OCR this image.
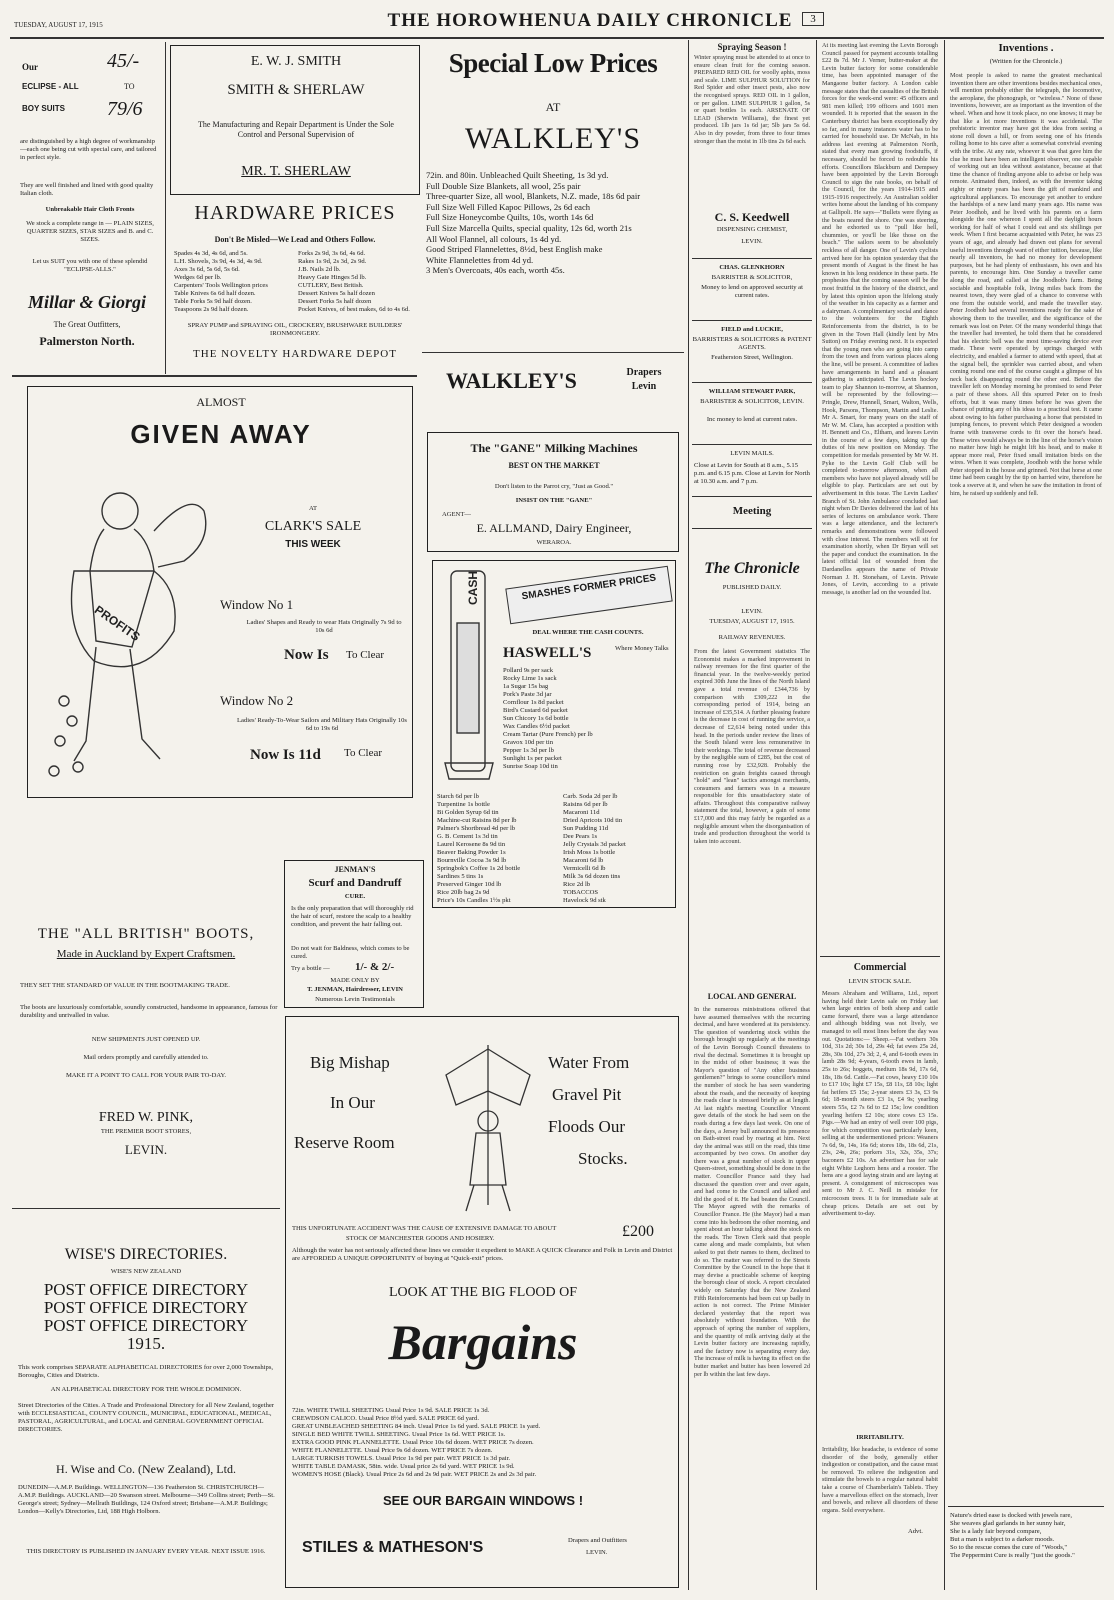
TUESDAY, AUGUST 17, 1915	THE HOROWHENUA DAILY CHRONICLE	3
Our	45/-
ECLIPSE - ALL	TO
BOY SUITS 79/6
are distinguished by a high degree of workmanship—each one being cut with special care, and tailored in perfect style.
They are well finished and lined with good quality Italian cloth.
Unbreakable Hair Cloth Fronts
We stock a complete range in — PLAIN SIZES, QUARTER SIZES, STAR SIZES and B. and C. SIZES.
Let us SUIT you with one of these splendid "ECLIPSE-ALLS."
Millar & Giorgi
The Great Outfitters,
Palmerston North.
E. W. J. SMITH
SMITH & SHERLAW
The Manufacturing and Repair Department is Under the Sole Control and Personal Supervision of
MR. T. SHERLAW
HARDWARE PRICES
Don't Be Misled—We Lead and Others Follow.
Spades 4s 3d, 4s 6d, and 5s.
L.H. Shovels, 3s 9d, 4s 3d, 4s 9d.
Axes 3s 6d, 5s 6d, 5s 6d.
Wedges 6d per lb.
Carpenters' Tools Wellington prices
Table Knives 6s 6d half dozen.
Table Forks 5s 9d half dozen.
Teaspoons 2s 9d half dozen.
Forks 2s 9d, 3s 6d, 4s 6d.
Rakes 1s 9d, 2s 3d, 2s 9d.
J.B. Nails 2d lb.
Heavy Gate Hinges 5d lb.
CUTLERY, Best British.
Dessert Knives 5s half dozen
Dessert Forks 5s half dozen
Pocket Knives, of best makes, 6d to 4s 6d.
SPRAY PUMP and SPRAYING OIL, CROCKERY, BRUSHWARE BUILDERS' IRONMONGERY.
THE NOVELTY HARDWARE DEPOT
Special Low Prices
AT
WALKLEY'S
72in. and 80in. Unbleached Quilt Sheeting, 1s 3d yd.
Full Double Size Blankets, all wool, 25s pair
Three-quarter Size, all wool, Blankets, N.Z. made, 18s 6d pair
Full Size Well Filled Kapoc Pillows, 2s 6d each
Full Size Honeycombe Quilts, 10s, worth 14s 6d
Full Size Marcella Quilts, special quality, 12s 6d, worth 21s
All Wool Flannel, all colours, 1s 4d yd.
Good Striped Flannelettes, 8½d, best English make
White Flannelettes from 4d yd.
3 Men's Overcoats, 40s each, worth 45s.
WALKLEY'S	Drapers
Levin
The "GANE" Milking Machines
BEST ON THE MARKET
Don't listen to the Parrot cry, "Just as Good."
INSIST ON THE "GANE"
AGENT—
E. ALLMAND, Dairy Engineer,
WERAROA.
ALMOST
GIVEN AWAY
PROFITS
AT
CLARK'S SALE
THIS WEEK
Window No 1
Ladies' Shapes and Ready to wear Hats Originally 7s 9d to 10s 6d
Now Is To Clear
Window No 2
Ladies' Ready-To-Wear Sailors and Military Hats Originally 10s 6d to 19s 6d
Now Is 11d To Clear
CASH	SMASHES FORMER PRICES
DEAL WHERE THE CASH COUNTS.
HASWELL'S	Where Money Talks
Pollard 9s per sack
Rocky Lime 1s sack
1a Sugar 15s bag
Pork's Paste 3d jar
Cornflour 1s 8d packet
Bird's Custard 6d packet
Sun Chicory 1s 6d bottle
Wax Candles 6½d packet
Cream Tartar (Pure French) per lb
Gravox 10d per tin
Pepper 1s 3d per lb
Sunlight 1s per packet
Sunrise Soap 10d tin
Starch 6d per lb
Turpentine 1s bottle
Bi Golden Syrup 6d tin
Machine-cut Raisins 8d per lb
Palmer's Shortbread 4d per lb
G. B. Cement 1s 3d tin
Laurel Kerosene 8s 9d tin
Beaver Baking Powder 1s
Bournville Cocoa 3s 9d lb
Springbok's Coffee 1s 2d bottle
Sardines 5 tins 1s
Preserved Ginger 10d lb
Rice 20lb bag 2s 9d
Price's 10s Candles 1½s pkt
Carb. Soda 2d per lb
Raisins 6d per lb
Macaroni 11d
Dried Apricots 10d tin
Sun Pudding 11d
Dee Pears 1s
Jelly Crystals 3d packet
Irish Moss 1s bottle
Macaroni 6d lb
Vermicelli 6d lb
Milk 3s 6d dozen tins
Rice 2d lb
TOBACCOS
Havelock 9d stk
JENMAN'S
Scurf and Dandruff
CURE.
Is the only preparation that will thoroughly rid the hair of scurf, restore the scalp to a healthy condition, and prevent the hair falling out.
Do not wait for Baldness, which comes to be cured.
Try a bottle — 1/- & 2/-
MADE ONLY BY
T. JENMAN, Hairdresser, LEVIN
Numerous Levin Testimonials
THE "ALL BRITISH" BOOTS,
Made in Auckland by Expert Craftsmen.
THEY SET THE STANDARD OF VALUE IN THE BOOTMAKING TRADE.
The boots are luxuriously comfortable, soundly constructed, handsome in appearance, famous for durability and unrivalled in value.
NEW SHIPMENTS JUST OPENED UP.
Mail orders promptly and carefully attended to.
MAKE IT A POINT TO CALL FOR YOUR PAIR TO-DAY.
FRED W. PINK,
THE PREMIER BOOT STORES,
LEVIN.
WISE'S DIRECTORIES.
WISE'S NEW ZEALAND
POST OFFICE DIRECTORY
POST OFFICE DIRECTORY
POST OFFICE DIRECTORY
1915.
This work comprises SEPARATE ALPHABETICAL DIRECTORIES for over 2,000 Townships, Boroughs, Cities and Districts.
AN ALPHABETICAL DIRECTORY FOR THE WHOLE DOMINION.
Street Directories of the Cities. A Trade and Professional Directory for all New Zealand, together with ECCLESIASTICAL, COUNTY COUNCIL, MUNICIPAL, EDUCATIONAL, MEDICAL, PASTORAL, AGRICULTURAL, and LOCAL and GENERAL GOVERNMENT OFFICIAL DIRECTORIES.
H. Wise and Co. (New Zealand), Ltd.
DUNEDIN—A.M.P. Buildings. WELLINGTON—136 Featherston St. CHRISTCHURCH—A.M.P. Buildings. AUCKLAND—20 Swanson street. Melbourne—349 Collins street; Perth—St. George's street; Sydney—Mellrath Buildings, 124 Oxford street; Brisbane—A.M.P. Buildings; London—Kelly's Directories, Ltd, 188 High Holborn.
THIS DIRECTORY IS PUBLISHED IN JANUARY EVERY YEAR. NEXT ISSUE 1916.
Big Mishap
In Our
Reserve Room
Water From
Gravel Pit
Floods Our
Stocks.
THIS UNFORTUNATE ACCIDENT WAS THE CAUSE OF EXTENSIVE DAMAGE TO ABOUT	£200
STOCK OF MANCHESTER GOODS AND HOSIERY.
Although the water has not seriously affected these lines we consider it expedient to MAKE A QUICK Clearance and Folk in Levin and District are AFFORDED A UNIQUE OPPORTUNITY of buying at "Quick-exit" prices.
LOOK AT THE BIG FLOOD OF
Bargains
72in. WHITE TWILL SHEETING Usual Price 1s 9d. SALE PRICE 1s 3d.
CREWDSON CALICO. Usual Price 8½d yard. SALE PRICE 6d yard.
GREAT UNBLEACHED SHEETING 84 inch. Usual Price 1s 6d yard. SALE PRICE 1s yard.
SINGLE BED WHITE TWILL SHEETING. Usual Price 1s 6d. WET PRICE 1s.
EXTRA GOOD PINK FLANNELETTE. Usual Price 10s 6d dozen. WET PRICE 7s dozen.
WHITE FLANNELETTE. Usual Price 9s 6d dozen. WET PRICE 7s dozen.
LARGE TURKISH TOWELS. Usual Price 1s 9d per pair. WET PRICE 1s 3d pair.
WHITE TABLE DAMASK, 58in. wide. Usual price 2s 6d yard. WET PRICE 1s 9d.
WOMEN'S HOSE (Black). Usual Price 2s 6d and 2s 9d pair. WET PRICE 2s and 2s 3d pair.
SEE OUR BARGAIN WINDOWS !
STILES & MATHESON'S	Drapers and Outfitters
LEVIN.
Spraying Season !
Winter spraying must be attended to at once to ensure clean fruit for the coming season. PREPARED RED OIL for woolly aphis, moss and scale. LIME SULPHUR SOLUTION for Red Spider and other insect pests, also now the recognised sprays. RED OIL in 1 gallon, or per gallon. LIME SULPHUR 1 gallon, 5s or quart bottles 1s each. ARSENATE OF LEAD (Sherwin Williams), the finest yet produced. 1lb jars 1s 6d jar; 5lb jars 5s 6d. Also in dry powder, from three to four times stronger than the moist in 1lb tins 2s 6d each.
C. S. Keedwell
DISPENSING CHEMIST,
LEVIN.
CHAS. GLENKHORN
BARRISTER & SOLICITOR,
Money to lend on approved security at current rates.
FIELD and LUCKIE,
BARRISTERS & SOLICITORS & PATENT AGENTS.
Featherston Street, Wellington.
WILLIAM STEWART PARK,
BARRISTER & SOLICITOR, LEVIN.
Inc money to lend at current rates.
LEVIN MAILS.
Close at Levin for South at 8 a.m., 5.15 p.m. and 6.15 p.m. Close at Levin for North at 10.30 a.m. and 7 p.m.
Meeting
The Chronicle
PUBLISHED DAILY.
LEVIN.
TUESDAY, AUGUST 17, 1915.
RAILWAY REVENUES.
From the latest Government statistics The Economist makes a marked improvement in railway revenues for the first quarter of the financial year. In the twelve-weekly period expired 30th June the lines of the North Island gave a total revenue of £344,736 by comparison with £309,222 in the corresponding period of 1914, being an increase of £35,514. A further pleasing feature is the decrease in cost of running the service, a decrease of £2,614 being noted under this head. In the periods under review the lines of the South Island were less remunerative in their workings. The total of revenue decreased by the negligible sum of £285, but the cost of running rose by £32,928. Probably the restriction on grain freights caused through "hold" and "lean" tactics amongst merchants, consumers and farmers was in a measure responsible for this unsatisfactory state of affairs. Throughout this comparative railway statement the total, however, a gain of some £17,000 and this may fairly be regarded as a negligible amount when the disorganisation of trade and production throughout the world is taken into account.
LOCAL AND GENERAL
In the numerous ministrations offered that have assumed themselves with the recurring decimal, and have wondered at its persistency. The question of wandering stock within the borough brought up regularly at the meetings of the Levin Borough Council threatens to rival the decimal. Sometimes it is brought up in the midst of other business; it was the Mayor's question of "Any other business gentlemen?" brings to some councillor's mind the number of stock he has seen wandering about the roads, and the necessity of keeping the roads clear is stressed briefly as at length. At last night's meeting Councillor Vincent gave details of the stock he had seen on the roads during a few days last week. On one of the days, a Jersey bull announced its presence on Bath-street road by roaring at him. Next day the animal was still on the road, this time accompanied by two cows. On another day there was a great number of stock in upper Queen-street, something should be done in the matter. Councillor France said they had discussed the question over and over again, and had come to the Council and talked and did the good of it. He had beaten the Council. The Mayor agreed with the remarks of Councillor France. He (the Mayor) had a man come into his bedroom the other morning, and spent about an hour talking about the stock on the roads. The Town Clerk said that people came along and made complaints, but when asked to put their names to them, declined to do so. The matter was referred to the Streets Committee by the Council in the hope that it may devise a practicable scheme of keeping the borough clear of stock. A report circulated widely on Saturday that the New Zealand Fifth Reinforcements had been cut up badly in action is not correct. The Prime Minister declared yesterday that the report was absolutely without foundation. With the approach of spring the number of suppliers, and the quantity of milk arriving daily at the Levin butter factory are increasing rapidly, and the factory now is separating every day. The increase of milk is having its effect on the butter market and butter has been lowered 2d per lb within the last few days.
At its meeting last evening the Levin Borough Council passed for payment accounts totalling £22 8s 7d. Mr J. Verner, butter-maker at the Levin butter factory for some considerable time, has been appointed manager of the Mangaone butter factory. A London cable message states that the casualties of the British forces for the week-end were: 45 officers and 981 men killed; 199 officers and 1601 men wounded. It is reported that the season in the Canterbury district has been exceptionally dry so far, and in many instances water has to be carried for household use. Dr McNab, in his address last evening at Palmerston North, stated that every man growing foodstuffs, if necessary, should be forced to redouble his efforts. Councillors Blackburn and Dempsey have been appointed by the Levin Borough Council to sign the rate books, on behalf of the Council, for the years 1914-1915 and 1915-1916 respectively. An Australian soldier writes home about the landing of his company at Gallipoli. He says—"Bullets were flying as the boats neared the shore. One was steering, and he exhorted us to "pull like hell, chummies, or you'll be like those on the beach." The sailors seem to be absolutely reckless of all danger. One of Levin's cyclists arrived here for his opinion yesterday that the present month of August is the finest he has known in his long residence in these parts. He prophesies that the coming season will be the most fruitful in the history of the district, and by latest this opinion upon the lifelong study of the weather in his capacity as a farmer and a dairyman. A complimentary social and dance to the volunteers for the Eighth Reinforcements from the district, is to be given in the Town Hall (kindly lent by Mrs Sutton) on Friday evening next. It is expected that the young men who are going into camp from the town and from various places along the line, will be present. A committee of ladies have arrangements in hand and a pleasant gathering is anticipated. The Levin hockey team to play Shannon to-morrow, at Shannon, will be represented by the following:—Pringle, Drew, Hunnell, Smart, Walton, Wells, Hook, Parsons, Thompson, Martin and Leslie. Mr A. Smart, for many years on the staff of Mr W. M. Clara, has accepted a position with H. Bennett and Co., Eltham, and leaves Levin in the course of a few days, taking up the duties of his new position on Monday. The competition for medals presented by Mr W. H. Pyke to the Levin Golf Club will be completed to-morrow afternoon, when all members who have not played already will be eligible to play. Particulars are set out by advertisement in this issue. The Levin Ladies' Branch of St. John Ambulance concluded last night when Dr Davies delivered the last of his series of lectures on ambulance work. There was a large attendance, and the lecturer's remarks and demonstrations were followed with close interest. The members will sit for examination shortly, when Dr Bryan will set the paper and conduct the examination. In the latest official list of wounded from the Dardanelles appears the name of Private Norman J. H. Stoneham, of Levin. Private Jones, of Levin, according to a private message, is another lad on the wounded list.
Commercial
LEVIN STOCK SALE.
Messrs Abraham and Williams, Ltd., report having held their Levin sale on Friday last when large entries of both sheep and cattle came forward, there was a large attendance and although bidding was not lively, we managed to sell most lines before the day was out. Quotations:— Sheep.—Fat wethers 30s 10d, 31s 2d; 30s 1d, 29s 4d; fat ewes 25s 2d, 28s, 30s 10d, 27s 3d; 2, 4, and 6-tooth ewes in lamb 28s 9d; 4-years, 6-tooth ewes in lamb, 25s to 26s; hoggets, medium 18s 9d, 17s 6d, 18s, 18s 6d. Cattle.—Fat cows, heavy £10 10s to £17 10s; light £7 15s, £8 11s, £8 10s; light fat heifers £5 15s; 2-year steers £3 3s, £3 9s 6d; 18-month steers £3 1s, £4 9s; yearling steers 55s, £2 7s 6d to £2 15s; low condition yearling heifers £2 10s; store cows £3 15s. Pigs.—We had an entry of well over 100 pigs, for which competition was particularly keen, selling at the undermentioned prices: Weaners 7s 6d, 9s, 14s, 16s 6d; stores 18s, 18s 6d, 21s, 23s, 24s, 26s; porkers 31s, 32s, 35s, 37s; baconers £2 10s. An advertiser has for sale eight White Leghorn hens and a rooster. The hens are a good laying strain and are laying at present. A consignment of microscopes was sent to Mr J. C. Neill in mistake for microcosm trees. It is for immediate sale at cheap prices. Details are set out by advertisement to-day.
IRRITABILITY.
Irritability, like headache, is evidence of some disorder of the body, generally either indigestion or constipation, and the cause must be removed. To relieve the indigestion and stimulate the bowels to a regular natural habit take a course of Chamberlain's Tablets. They have a marvellous effect on the stomach, liver and bowels, and relieve all disorders of these organs. Sold everywhere.
Advt.
Inventions .
(Written for the Chronicle.)
Most people is asked to name the greatest mechanical invention there are other inventions besides mechanical ones, will mention probably either the telegraph, the locomotive, the aeroplane, the phonograph, or "wireless." None of these inventions, however, are as important as the invention of the wheel. When and how it took place, no one knows; it may be that like a lot more inventions it was accidental. The prehistoric inventor may have got the idea from seeing a stone roll down a hill, or from seeing one of his friends rolling home to his cave after a somewhat convivial evening with the tribe. At any rate, whoever it was that gave him the clue he must have been an intelligent observer, one capable of working out an idea without assistance, because at that time the chance of finding anyone able to advise or help was remote. Animated then, indeed, as with the inventor taking eighty or ninety years has been the gift of mankind and agricultural appliances. To encourage yet another to endure the hardships of a new land many years ago. His name was Peter Joodhob, and he lived with his parents on a farm alongside the one whereon I spent all the daylight hours working for half of what I could eat and six shillings per week. When I first became acquainted with Peter, he was 23 years of age, and already had drawn out plans for several useful inventions through want of either tuition, because, like nearly all inventors, he had no money for development purposes, but he had plenty of enthusiasm, his own and his parents, to encourage him. One Sunday a traveller came along the road, and called at the Joodhob's farm. Being sociable and hospitable folk, living miles back from the nearest town, they were glad of a chance to converse with one from the outside world, and made the traveller stay. Peter Joodhob had several inventions ready for the sake of showing them to the traveller, and the significance of the remark was lost on Peter. Of the many wonderful things that the traveller had invented, he told them that he considered that his electric bell was the most time-saving device ever made. These were operated by springs charged with electricity, and enabled a farmer to attend with speed, that at the signal bell, the sprinkler was carried about, and when coming round one end of the course caught a glimpse of his neck back disappearing round the other end. Before the traveller left on Monday morning he promised to send Peter a pair of these shoes. All this spurred Peter on to fresh efforts, but it was many times before he was given the chance of putting any of his ideas to a practical test. It came about owing to his father purchasing a horse that persisted in jumping fences, to prevent which Peter designed a wooden frame with transverse cords to fit over the horse's head. These wires would always be in the line of the horse's vision no matter how high he might lift his head, and to make it appear more real, Peter fixed small imitation birds on the wires. When it was complete, Joodhob with the horse while Peter stopped in the house and grinned. Not that horse at one time had been caught by the tip on harried wire, therefore he took a swerve at it, and when he saw the imitation in front of him, he raised up suddenly and fell.
Nature's dried ease is docked with jewels rare,
She weaves glad garlands in her sunny hair,
She is a lady fair beyond compare,
But a man is subject to a darker moods.
So to the rescue comes the cure of "Woods,"
The Peppermint Cure is really "just the goods."
